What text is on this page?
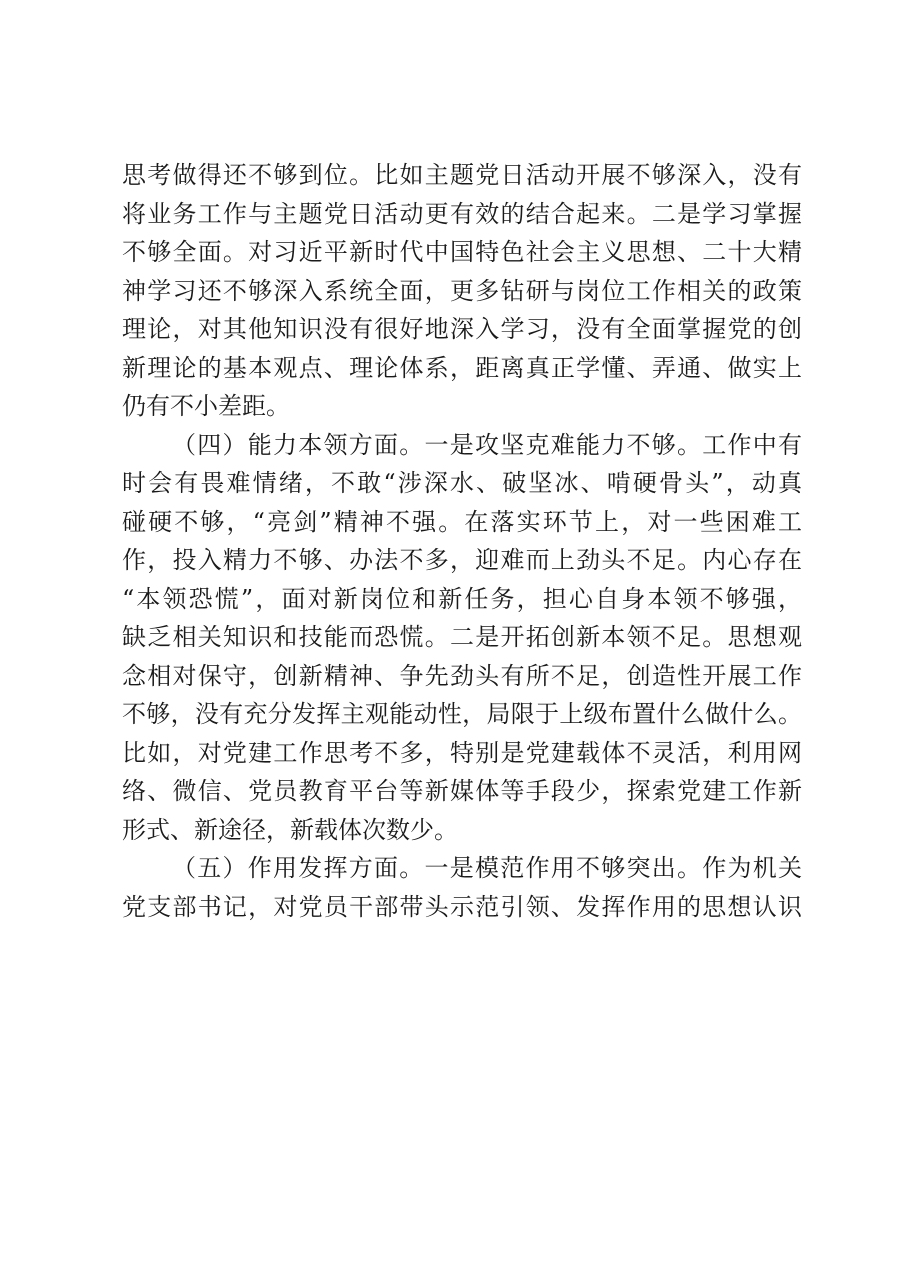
思考做得还不够到位。比如主题党日活动开展不够深入，没有
将业务工作与主题党日活动更有效的结合起来。二是学习掌握
不够全面。对习近平新时代中国特色社会主义思想、二十大精
神学习还不够深入系统全面，更多钻研与岗位工作相关的政策
理论，对其他知识没有很好地深入学习，没有全面掌握党的创
新理论的基本观点、理论体系，距离真正学懂、弄通、做实上
仍有不小差距。

（四）能力本领方面。一是攻坚克难能力不够。工作中有
时会有畏难情绪，不敢“涉深水、破坚冰、啃硬骨头”，动真
碰硬不够，“亮剑”精神不强。在落实环节上，对一些困难工
作，投入精力不够、办法不多，迎难而上劲头不足。内心存在
“本领恐慌”，面对新岗位和新任务，担心自身本领不够强，
缺乏相关知识和技能而恐慌。二是开拓创新本领不足。思想观
念相对保守，创新精神、争先劲头有所不足，创造性开展工作
不够，没有充分发挥主观能动性，局限于上级布置什么做什么。
比如，对党建工作思考不多，特别是党建载体不灵活，利用网
络、微信、党员教育平台等新媒体等手段少，探索党建工作新
形式、新途径，新载体次数少。

（五）作用发挥方面。一是模范作用不够突出。作为机关
党支部书记，对党员干部带头示范引领、发挥作用的思想认识
